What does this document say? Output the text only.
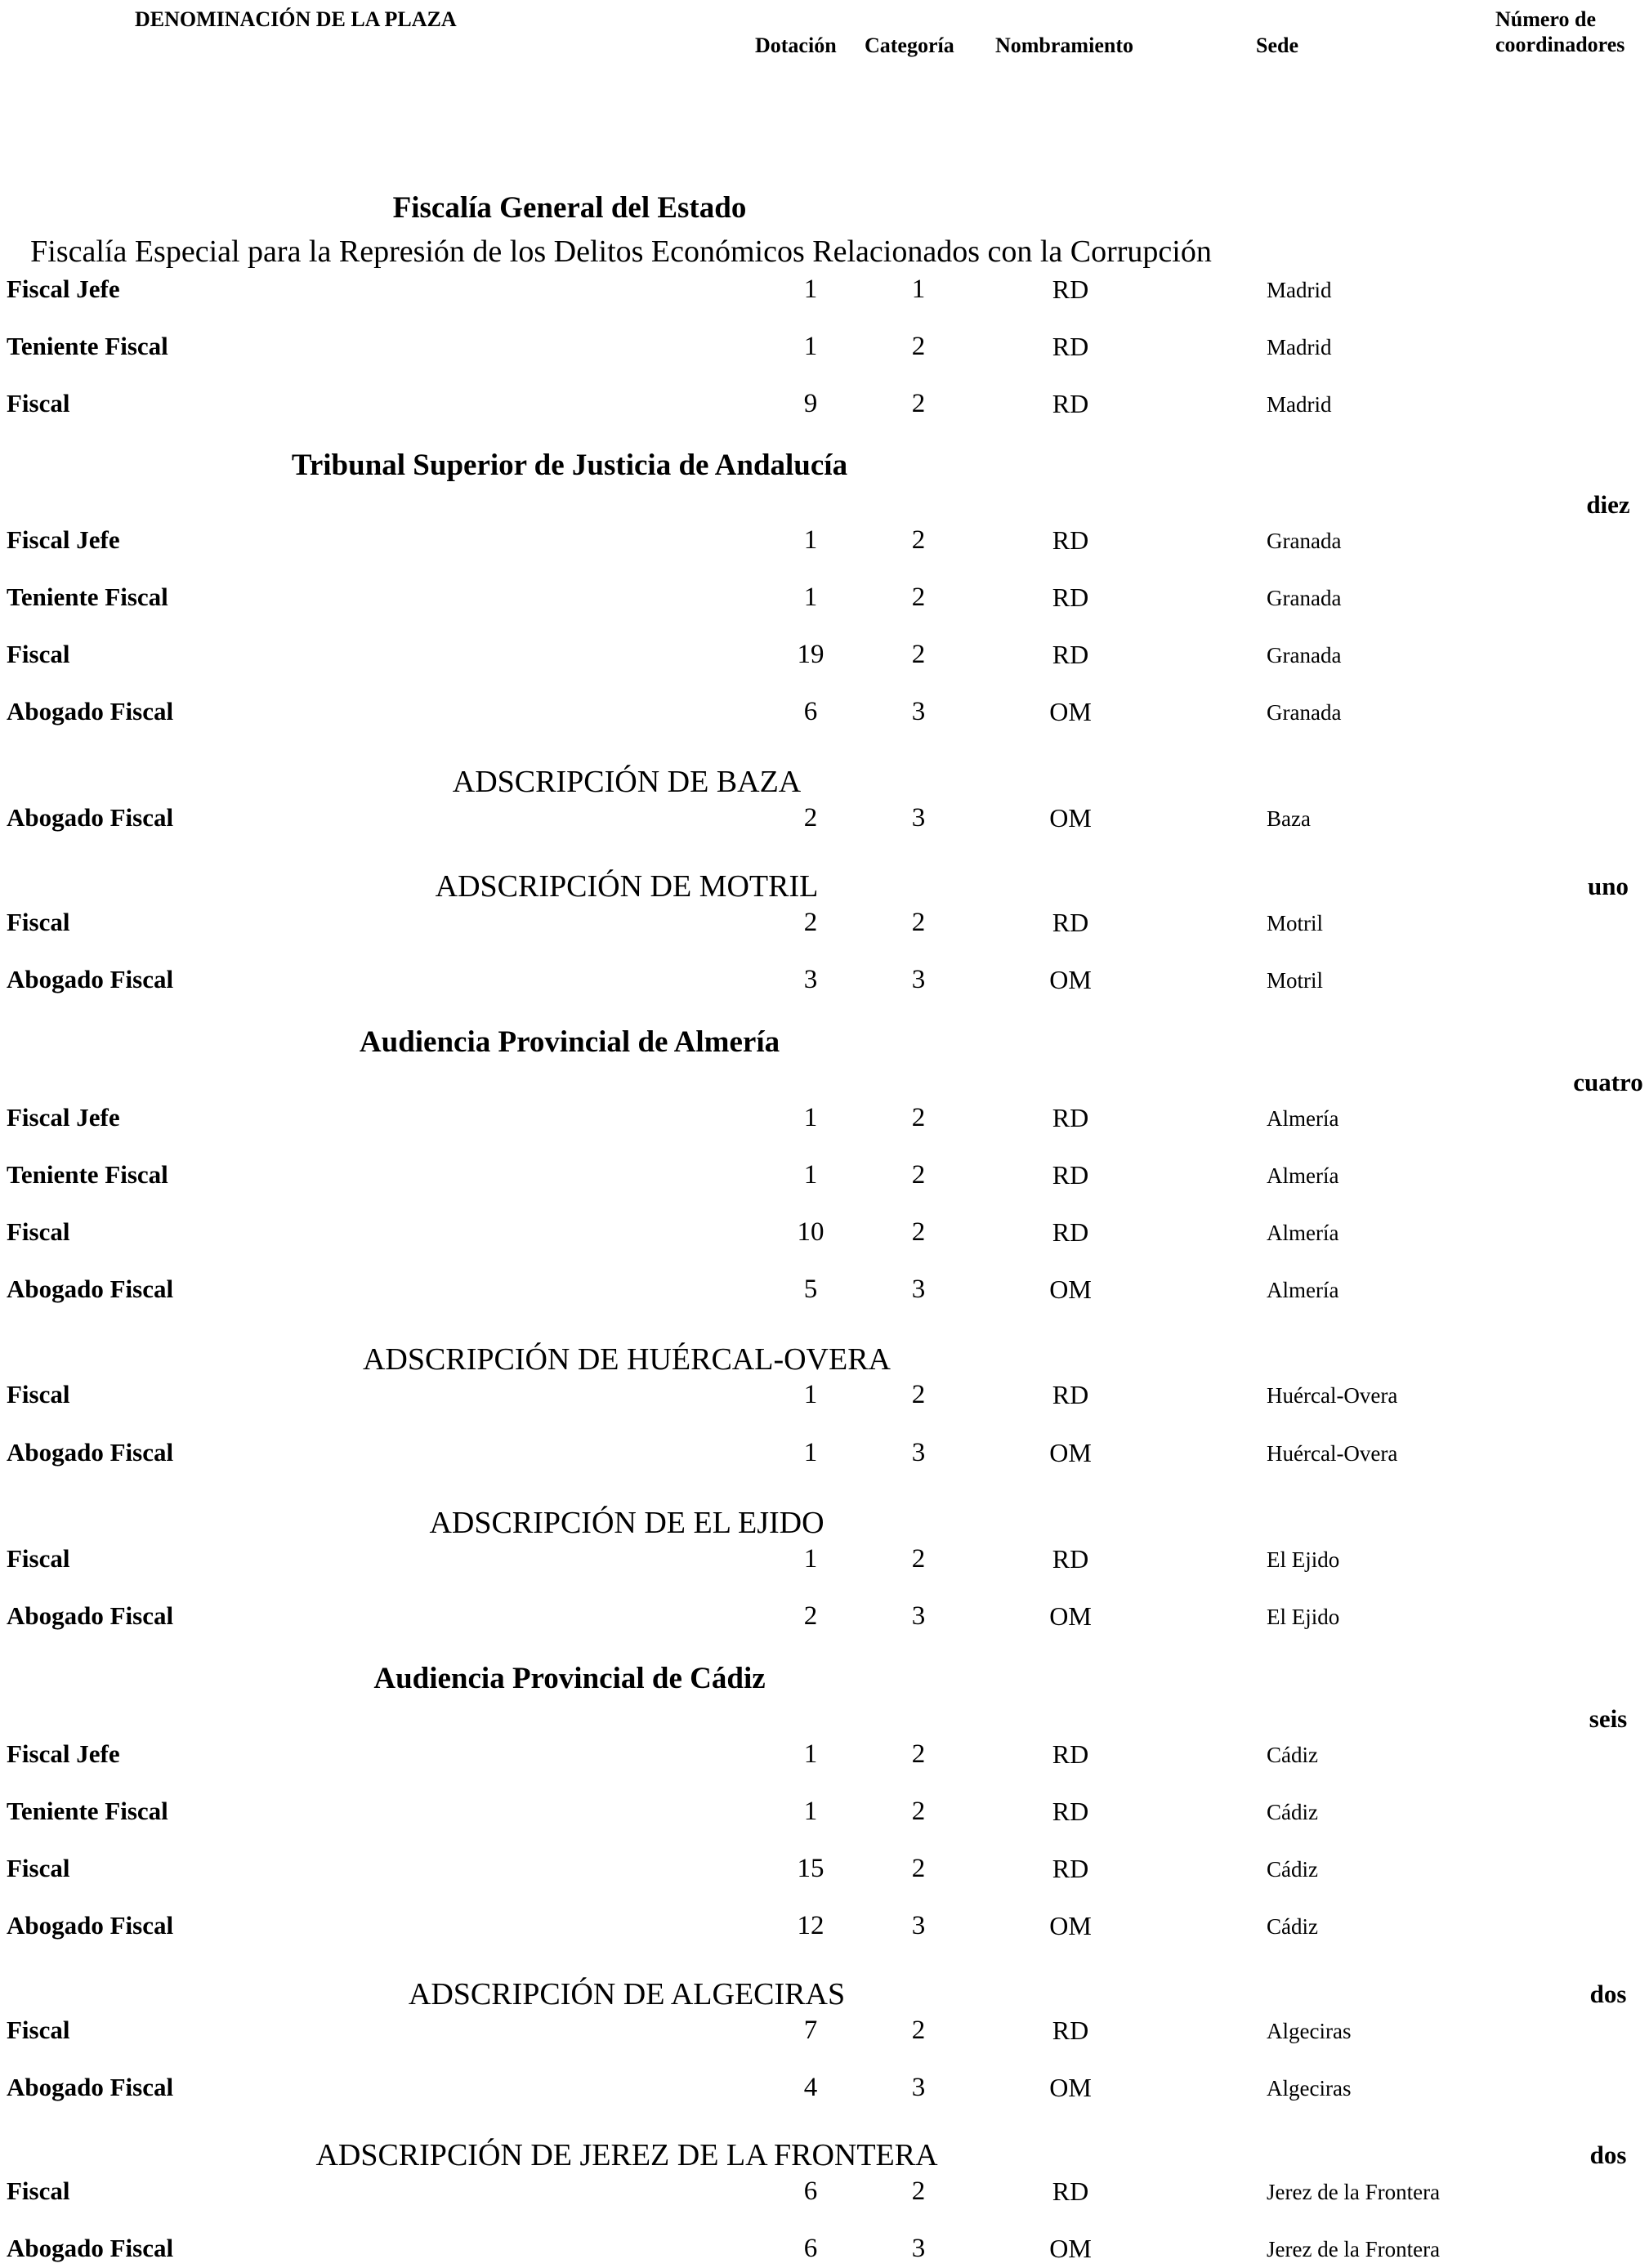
DENOMINACIÓN DE LA PLAZA
Dotación Categoría Nombramiento	Sede
Número de
coordinadores
Fiscalía General del Estado
Fiscalía Especial para la Represión de los Delitos Económicos Relacionados con la Corrupción
Fiscal Jefe	1	1	RD	Madrid
Teniente Fiscal	1	2	RD	Madrid
Fiscal	9	2	RD	Madrid
Tribunal Superior de Justicia de Andalucía
diez
Fiscal Jefe	1	2	RD	Granada
Teniente Fiscal	1	2	RD	Granada
Fiscal	19	2	RD	Granada
Abogado Fiscal	6	3	OM	Granada
ADSCRIPCIÓN DE BAZA
Abogado Fiscal	2	3	OM	Baza
ADSCRIPCIÓN DE MOTRIL	uno
Fiscal	2	2	RD	Motril
Abogado Fiscal	3	3	OM	Motril
Audiencia Provincial de Almería
cuatro
Fiscal Jefe	1	2	RD	Almería
Teniente Fiscal	1	2	RD	Almería
Fiscal	10	2	RD	Almería
Abogado Fiscal	5	3	OM	Almería
ADSCRIPCIÓN DE HUÉRCAL-OVERA
Fiscal	1	2	RD	Huércal-Overa
Abogado Fiscal	1	3	OM	Huércal-Overa
ADSCRIPCIÓN DE EL EJIDO
Fiscal	1	2	RD	El Ejido
Abogado Fiscal	2	3	OM	El Ejido
Audiencia Provincial de Cádiz
seis
Fiscal Jefe	1	2	RD	Cádiz
Teniente Fiscal	1	2	RD	Cádiz
Fiscal	15	2	RD	Cádiz
Abogado Fiscal	12	3	OM	Cádiz
ADSCRIPCIÓN DE ALGECIRAS	dos
Fiscal	7	2	RD	Algeciras
Abogado Fiscal	4	3	OM	Algeciras
ADSCRIPCIÓN DE JEREZ DE LA FRONTERA	dos
Fiscal	6	2	RD	Jerez de la Frontera
Abogado Fiscal	6	3	OM	Jerez de la Frontera
